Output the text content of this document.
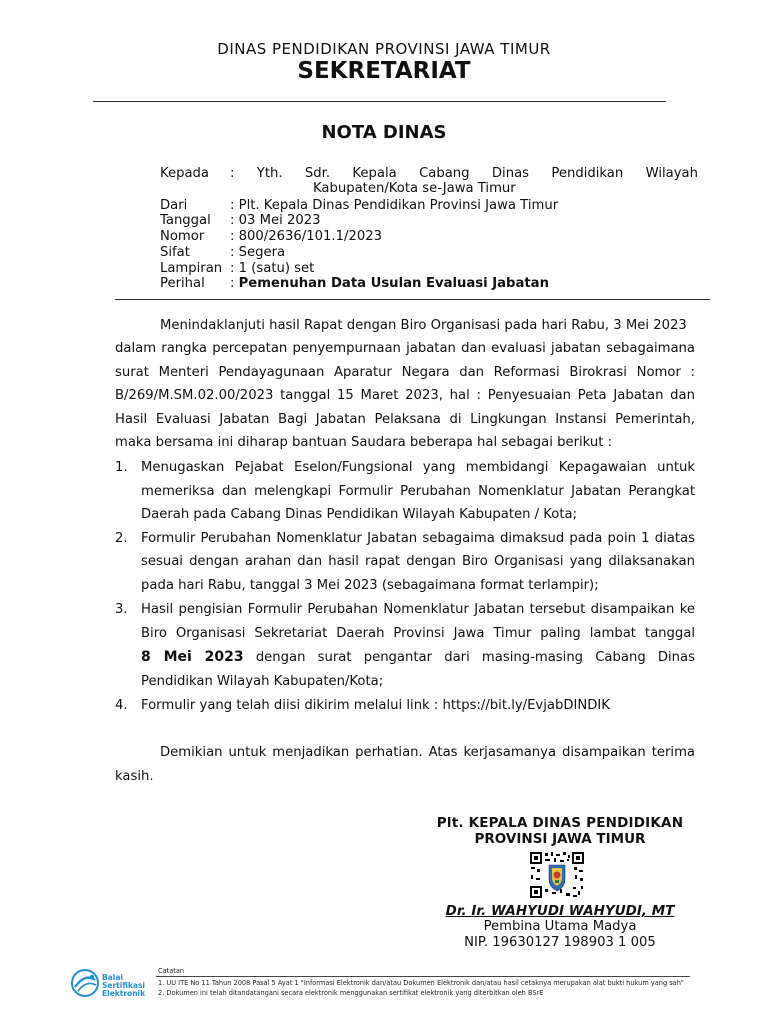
DINAS PENDIDIKAN PROVINSI JAWA TIMUR
SEKRETARIAT
NOTA DINAS
Kepada	: Yth. Sdr. Kepala Cabang Dinas Pendidikan Wilayah
Kabupaten/Kota se-Jawa Timur
Dari	: Plt. Kepala Dinas Pendidikan Provinsi Jawa Timur
Tanggal	: 03 Mei 2023
Nomor	: 800/2636/101.1/2023
Sifat	: Segera
Lampiran : 1 (satu) set
Perihal	: Pemenuhan Data Usulan Evaluasi Jabatan
Menindaklanjuti hasil Rapat dengan Biro Organisasi pada hari Rabu, 3 Mei 2023
dalam rangka percepatan penyempurnaan jabatan dan evaluasi jabatan sebagaimana
surat Menteri Pendayagunaan Aparatur Negara dan Reformasi Birokrasi Nomor :
B/269/M.SM.02.00/2023 tanggal 15 Maret 2023, hal : Penyesuaian Peta Jabatan dan
Hasil Evaluasi Jabatan Bagi Jabatan Pelaksana di Lingkungan Instansi Pemerintah,
maka bersama ini diharap bantuan Saudara beberapa hal sebagai berikut :
1. Menugaskan Pejabat Eselon/Fungsional yang membidangi Kepagawaian untuk
memeriksa dan melengkapi Formulir Perubahan Nomenklatur Jabatan Perangkat
Daerah pada Cabang Dinas Pendidikan Wilayah Kabupaten / Kota;
2. Formulir Perubahan Nomenklatur Jabatan sebagaima dimaksud pada poin 1 diatas
sesuai dengan arahan dan hasil rapat dengan Biro Organisasi yang dilaksanakan
pada hari Rabu, tanggal 3 Mei 2023 (sebagaimana format terlampir);
3. Hasil pengisian Formulir Perubahan Nomenklatur Jabatan tersebut disampaikan ke
Biro Organisasi Sekretariat Daerah Provinsi Jawa Timur paling lambat tanggal
8 Mei 2023 dengan surat pengantar dari masing-masing Cabang Dinas
Pendidikan Wilayah Kabupaten/Kota;
4. Formulir yang telah diisi dikirim melalui link : https://bit.ly/EvjabDINDIK
Demikian untuk menjadikan perhatian. Atas kerjasamanya disampaikan terima
kasih.
Plt. KEPALA DINAS PENDIDIKAN
PROVINSI JAWA TIMUR
Dr. Ir. WAHYUDI WAHYUDI, MT
Pembina Utama Madya
NIP. 19630127 198903 1 005
Balai
Sertifikasi
Elektronik
Catatan
1. UU ITE No 11 Tahun 2008 Pasal 5 Ayat 1 "Informasi Elektronik dan/atau Dokumen Elektronik dan/atau hasil cetaknya merupakan alat bukti hukum yang sah"
2. Dokumen ini telah ditandatangani secara elektronik menggunakan sertifikat elektronik yang diterbitkan oleh BSrE
